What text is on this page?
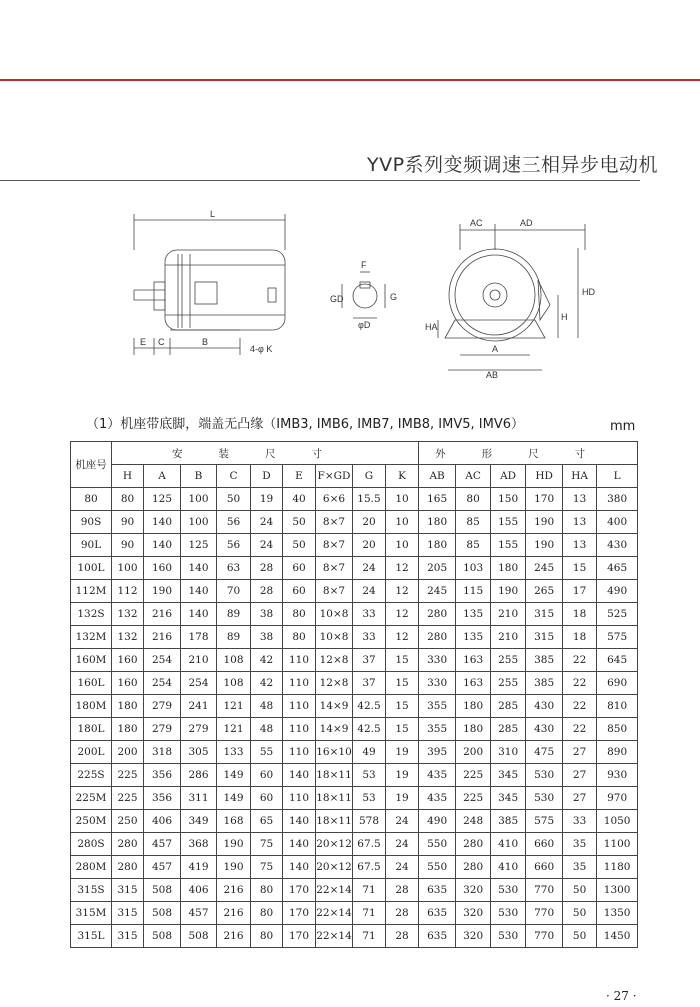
YVP系列变频调速三相异步电动机
L
E C	B
4-φ K
F
GD	G
φD
AC	AD
HD
H
HA
A
AB
（1）机座带底脚，端盖无凸缘（IMB3, IMB6, IMB7, IMB8, IMV5, IMV6）	mm
机座号	安装尺寸									外形尺寸					
	H	A	B	C	D	E	F×GD	G	K	AB	AC	AD	HD	HA	L
80	80	125	100	50	19	40	6×6	15.5	10	165	80	150	170	13	380
90S	90	140	100	56	24	50	8×7	20	10	180	85	155	190	13	400
90L	90	140	125	56	24	50	8×7	20	10	180	85	155	190	13	430
100L	100	160	140	63	28	60	8×7	24	12	205	103	180	245	15	465
112M	112	190	140	70	28	60	8×7	24	12	245	115	190	265	17	490
132S	132	216	140	89	38	80	10×8	33	12	280	135	210	315	18	525
132M	132	216	178	89	38	80	10×8	33	12	280	135	210	315	18	575
160M	160	254	210	108	42	110	12×8	37	15	330	163	255	385	22	645
160L	160	254	254	108	42	110	12×8	37	15	330	163	255	385	22	690
180M	180	279	241	121	48	110	14×9	42.5	15	355	180	285	430	22	810
180L	180	279	279	121	48	110	14×9	42.5	15	355	180	285	430	22	850
200L	200	318	305	133	55	110	16×10	49	19	395	200	310	475	27	890
225S	225	356	286	149	60	140	18×11	53	19	435	225	345	530	27	930
225M	225	356	311	149	60	110	18×11	53	19	435	225	345	530	27	970
250M	250	406	349	168	65	140	18×11	578	24	490	248	385	575	33	1050
280S	280	457	368	190	75	140	20×12	67.5	24	550	280	410	660	35	1100
280M	280	457	419	190	75	140	20×12	67.5	24	550	280	410	660	35	1180
315S	315	508	406	216	80	170	22×14	71	28	635	320	530	770	50	1300
315M	315	508	457	216	80	170	22×14	71	28	635	320	530	770	50	1350
315L	315	508	508	216	80	170	22×14	71	28	635	320	530	770	50	1450
· 27 ·
